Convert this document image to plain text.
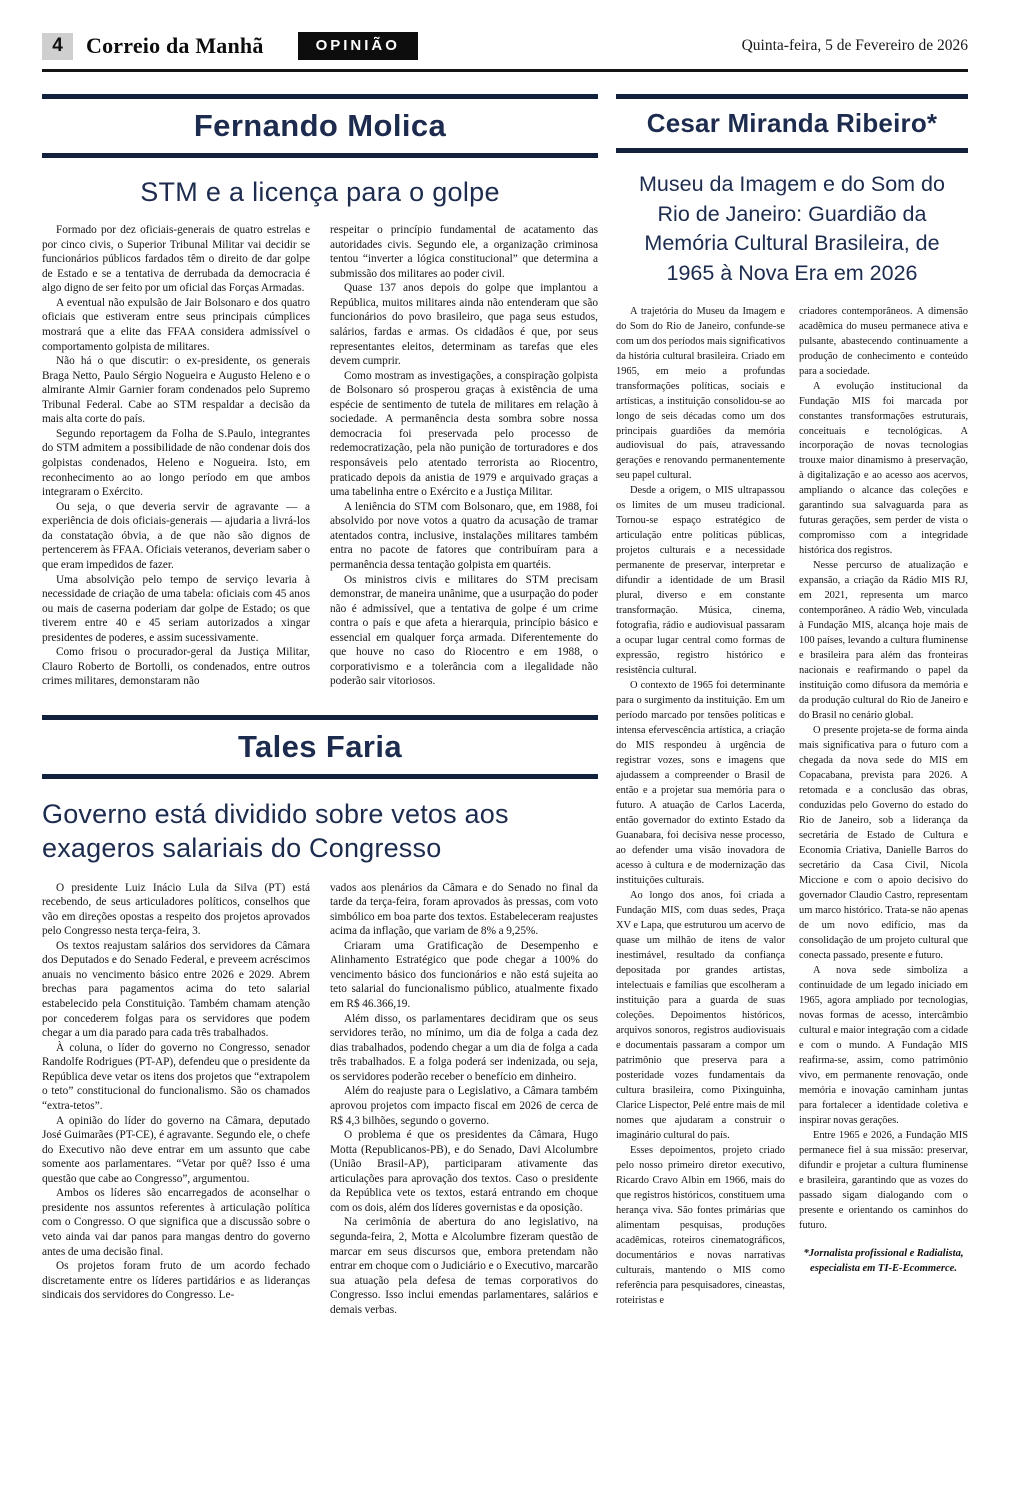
4	Correio da Manhã	OPINIÃO	Quinta-feira, 5 de Fevereiro de 2026
Fernando Molica
STM e a licença para o golpe

Formado por dez oficiais-generais de quatro estrelas e por cinco civis, o Superior Tribunal Militar vai decidir se funcionários públicos fardados têm o direito de dar golpe de Estado e se a tentativa de derrubada da democracia é algo digno de ser feito por um oficial das Forças Armadas.

A eventual não expulsão de Jair Bolsonaro e dos quatro oficiais que estiveram entre seus principais cúmplices mostrará que a elite das FFAA considera admissível o comportamento golpista de militares.

Não há o que discutir: o ex-presidente, os generais Braga Netto, Paulo Sérgio Nogueira e Augusto Heleno e o almirante Almir Garnier foram condenados pelo Supremo Tribunal Federal. Cabe ao STM respaldar a decisão da mais alta corte do país.

Segundo reportagem da Folha de S.Paulo, integrantes do STM admitem a possibilidade de não condenar dois dos golpistas condenados, Heleno e Nogueira. Isto, em reconhecimento ao ao longo período em que ambos integraram o Exército.

Ou seja, o que deveria servir de agravante — a experiência de dois oficiais-generais — ajudaria a livrá-los da constatação óbvia, a de que não são dignos de pertencerem às FFAA. Oficiais veteranos, deveriam saber o que eram impedidos de fazer.

Uma absolvição pelo tempo de serviço levaria à necessidade de criação de uma tabela: oficiais com 45 anos ou mais de caserna poderiam dar golpe de Estado; os que tiverem entre 40 e 45 seriam autorizados a xingar presidentes de poderes, e assim sucessivamente.

Como frisou o procurador-geral da Justiça Militar, Clauro Roberto de Bortolli, os condenados, entre outros crimes militares, demonstaram não

respeitar o princípio fundamental de acatamento das autoridades civis. Segundo ele, a organização criminosa tentou “inverter a lógica constitucional” que determina a submissão dos militares ao poder civil.

Quase 137 anos depois do golpe que implantou a República, muitos militares ainda não entenderam que são funcionários do povo brasileiro, que paga seus estudos, salários, fardas e armas. Os cidadãos é que, por seus representantes eleitos, determinam as tarefas que eles devem cumprir.

Como mostram as investigações, a conspiração golpista de Bolsonaro só prosperou graças à existência de uma espécie de sentimento de tutela de militares em relação à sociedade. A permanência desta sombra sobre nossa democracia foi preservada pelo processo de redemocratização, pela não punição de torturadores e dos responsáveis pelo atentado terrorista ao Riocentro, praticado depois da anistia de 1979 e arquivado graças a uma tabelinha entre o Exército e a Justiça Militar.

A leniência do STM com Bolsonaro, que, em 1988, foi absolvido por nove votos a quatro da acusação de tramar atentados contra, inclusive, instalações militares também entra no pacote de fatores que contribuíram para a permanência dessa tentação golpista em quartéis.

Os ministros civis e militares do STM precisam demonstrar, de maneira unânime, que a usurpação do poder não é admissível, que a tentativa de golpe é um crime contra o país e que afeta a hierarquia, princípio básico e essencial em qualquer força armada. Diferentemente do que houve no caso do Riocentro e em 1988, o corporativismo e a tolerância com a ilegalidade não poderão sair vitoriosos.

Tales Faria
Governo está dividido sobre vetos aos exageros salariais do Congresso

O presidente Luiz Inácio Lula da Silva (PT) está recebendo, de seus articuladores políticos, conselhos que vão em direções opostas a respeito dos projetos aprovados pelo Congresso nesta terça-feira, 3.

Os textos reajustam salários dos servidores da Câmara dos Deputados e do Senado Federal, e preveem acréscimos anuais no vencimento básico entre 2026 e 2029. Abrem brechas para pagamentos acima do teto salarial estabelecido pela Constituição. Também chamam atenção por concederem folgas para os servidores que podem chegar a um dia parado para cada três trabalhados.

À coluna, o líder do governo no Congresso, senador Randolfe Rodrigues (PT-AP), defendeu que o presidente da República deve vetar os itens dos projetos que “extrapolem o teto” constitucional do funcionalismo. São os chamados “extra-tetos”.

A opinião do líder do governo na Câmara, deputado José Guimarães (PT-CE), é agravante. Segundo ele, o chefe do Executivo não deve entrar em um assunto que cabe somente aos parlamentares. “Vetar por quê? Isso é uma questão que cabe ao Congresso”, argumentou.

Ambos os líderes são encarregados de aconselhar o presidente nos assuntos referentes à articulação política com o Congresso. O que significa que a discussão sobre o veto ainda vai dar panos para mangas dentro do governo antes de uma decisão final.

Os projetos foram fruto de um acordo fechado discretamente entre os líderes partidários e as lideranças sindicais dos servidores do Congresso. Le-

vados aos plenários da Câmara e do Senado no final da tarde da terça-feira, foram aprovados às pressas, com voto simbólico em boa parte dos textos. Estabeleceram reajustes acima da inflação, que variam de 8% a 9,25%.

Criaram uma Gratificação de Desempenho e Alinhamento Estratégico que pode chegar a 100% do vencimento básico dos funcionários e não está sujeita ao teto salarial do funcionalismo público, atualmente fixado em R$ 46.366,19.

Além disso, os parlamentares decidiram que os seus servidores terão, no mínimo, um dia de folga a cada dez dias trabalhados, podendo chegar a um dia de folga a cada três trabalhados. E a folga poderá ser indenizada, ou seja, os servidores poderão receber o benefício em dinheiro.

Além do reajuste para o Legislativo, a Câmara também aprovou projetos com impacto fiscal em 2026 de cerca de R$ 4,3 bilhões, segundo o governo.

O problema é que os presidentes da Câmara, Hugo Motta (Republicanos-PB), e do Senado, Davi Alcolumbre (União Brasil-AP), participaram ativamente das articulações para aprovação dos textos. Caso o presidente da República vete os textos, estará entrando em choque com os dois, além dos líderes governistas e da oposição.

Na cerimônia de abertura do ano legislativo, na segunda-feira, 2, Motta e Alcolumbre fizeram questão de marcar em seus discursos que, embora pretendam não entrar em choque com o Judiciário e o Executivo, marcarão sua atuação pela defesa de temas corporativos do Congresso. Isso inclui emendas parlamentares, salários e demais verbas.

Cesar Miranda Ribeiro*
Museu da Imagem e do Som do Rio de Janeiro: Guardião da Memória Cultural Brasileira, de 1965 à Nova Era em 2026

A trajetória do Museu da Imagem e do Som do Rio de Janeiro, confunde-se com um dos períodos mais significativos da história cultural brasileira. Criado em 1965, em meio a profundas transformações políticas, sociais e artísticas, a instituição consolidou-se ao longo de seis décadas como um dos principais guardiões da memória audiovisual do país, atravessando gerações e renovando permanentemente seu papel cultural.

Desde a origem, o MIS ultrapassou os limites de um museu tradicional. Tornou-se espaço estratégico de articulação entre políticas públicas, projetos culturais e a necessidade permanente de preservar, interpretar e difundir a identidade de um Brasil plural, diverso e em constante transformação. Música, cinema, fotografia, rádio e audiovisual passaram a ocupar lugar central como formas de expressão, registro histórico e resistência cultural.

O contexto de 1965 foi determinante para o surgimento da instituição. Em um período marcado por tensões políticas e intensa efervescência artística, a criação do MIS respondeu à urgência de registrar vozes, sons e imagens que ajudassem a compreender o Brasil de então e a projetar sua memória para o futuro. A atuação de Carlos Lacerda, então governador do extinto Estado da Guanabara, foi decisiva nesse processo, ao defender uma visão inovadora de acesso à cultura e de modernização das instituições culturais.

Ao longo dos anos, foi criada a Fundação MIS, com duas sedes, Praça XV e Lapa, que estruturou um acervo de quase um milhão de itens de valor inestimável, resultado da confiança depositada por grandes artistas, intelectuais e famílias que escolheram a instituição para a guarda de suas coleções. Depoimentos históricos, arquivos sonoros, registros audiovisuais e documentais passaram a compor um patrimônio que preserva para a posteridade vozes fundamentais da cultura brasileira, como Pixinguinha, Clarice Lispector, Pelé entre mais de mil nomes que ajudaram a construir o imaginário cultural do país.

Esses depoimentos, projeto criado pelo nosso primeiro diretor executivo, Ricardo Cravo Albin em 1966, mais do que registros históricos, constituem uma herança viva. São fontes primárias que alimentam pesquisas, produções acadêmicas, roteiros cinematográficos, documentários e novas narrativas culturais, mantendo o MIS como referência para pesquisadores, cineastas, roteiristas e

criadores contemporâneos. A dimensão acadêmica do museu permanece ativa e pulsante, abastecendo continuamente a produção de conhecimento e conteúdo para a sociedade.

A evolução institucional da Fundação MIS foi marcada por constantes transformações estruturais, conceituais e tecnológicas. A incorporação de novas tecnologias trouxe maior dinamismo à preservação, à digitalização e ao acesso aos acervos, ampliando o alcance das coleções e garantindo sua salvaguarda para as futuras gerações, sem perder de vista o compromisso com a integridade histórica dos registros.

Nesse percurso de atualização e expansão, a criação da Rádio MIS RJ, em 2021, representa um marco contemporâneo. A rádio Web, vinculada à Fundação MIS, alcança hoje mais de 100 países, levando a cultura fluminense e brasileira para além das fronteiras nacionais e reafirmando o papel da instituição como difusora da memória e da produção cultural do Rio de Janeiro e do Brasil no cenário global.

O presente projeta-se de forma ainda mais significativa para o futuro com a chegada da nova sede do MIS em Copacabana, prevista para 2026. A retomada e a conclusão das obras, conduzidas pelo Governo do estado do Rio de Janeiro, sob a liderança da secretária de Estado de Cultura e Economia Criativa, Danielle Barros do secretário da Casa Civil, Nicola Miccione e com o apoio decisivo do governador Claudio Castro, representam um marco histórico. Trata-se não apenas de um novo edifício, mas da consolidação de um projeto cultural que conecta passado, presente e futuro.

A nova sede simboliza a continuidade de um legado iniciado em 1965, agora ampliado por tecnologias, novas formas de acesso, intercâmbio cultural e maior integração com a cidade e com o mundo. A Fundação MIS reafirma-se, assim, como patrimônio vivo, em permanente renovação, onde memória e inovação caminham juntas para fortalecer a identidade coletiva e inspirar novas gerações.

Entre 1965 e 2026, a Fundação MIS permanece fiel à sua missão: preservar, difundir e projetar a cultura fluminense e brasileira, garantindo que as vozes do passado sigam dialogando com o presente e orientando os caminhos do futuro.

*Jornalista profissional e Radialista, especialista em TI-E-Ecommerce.
